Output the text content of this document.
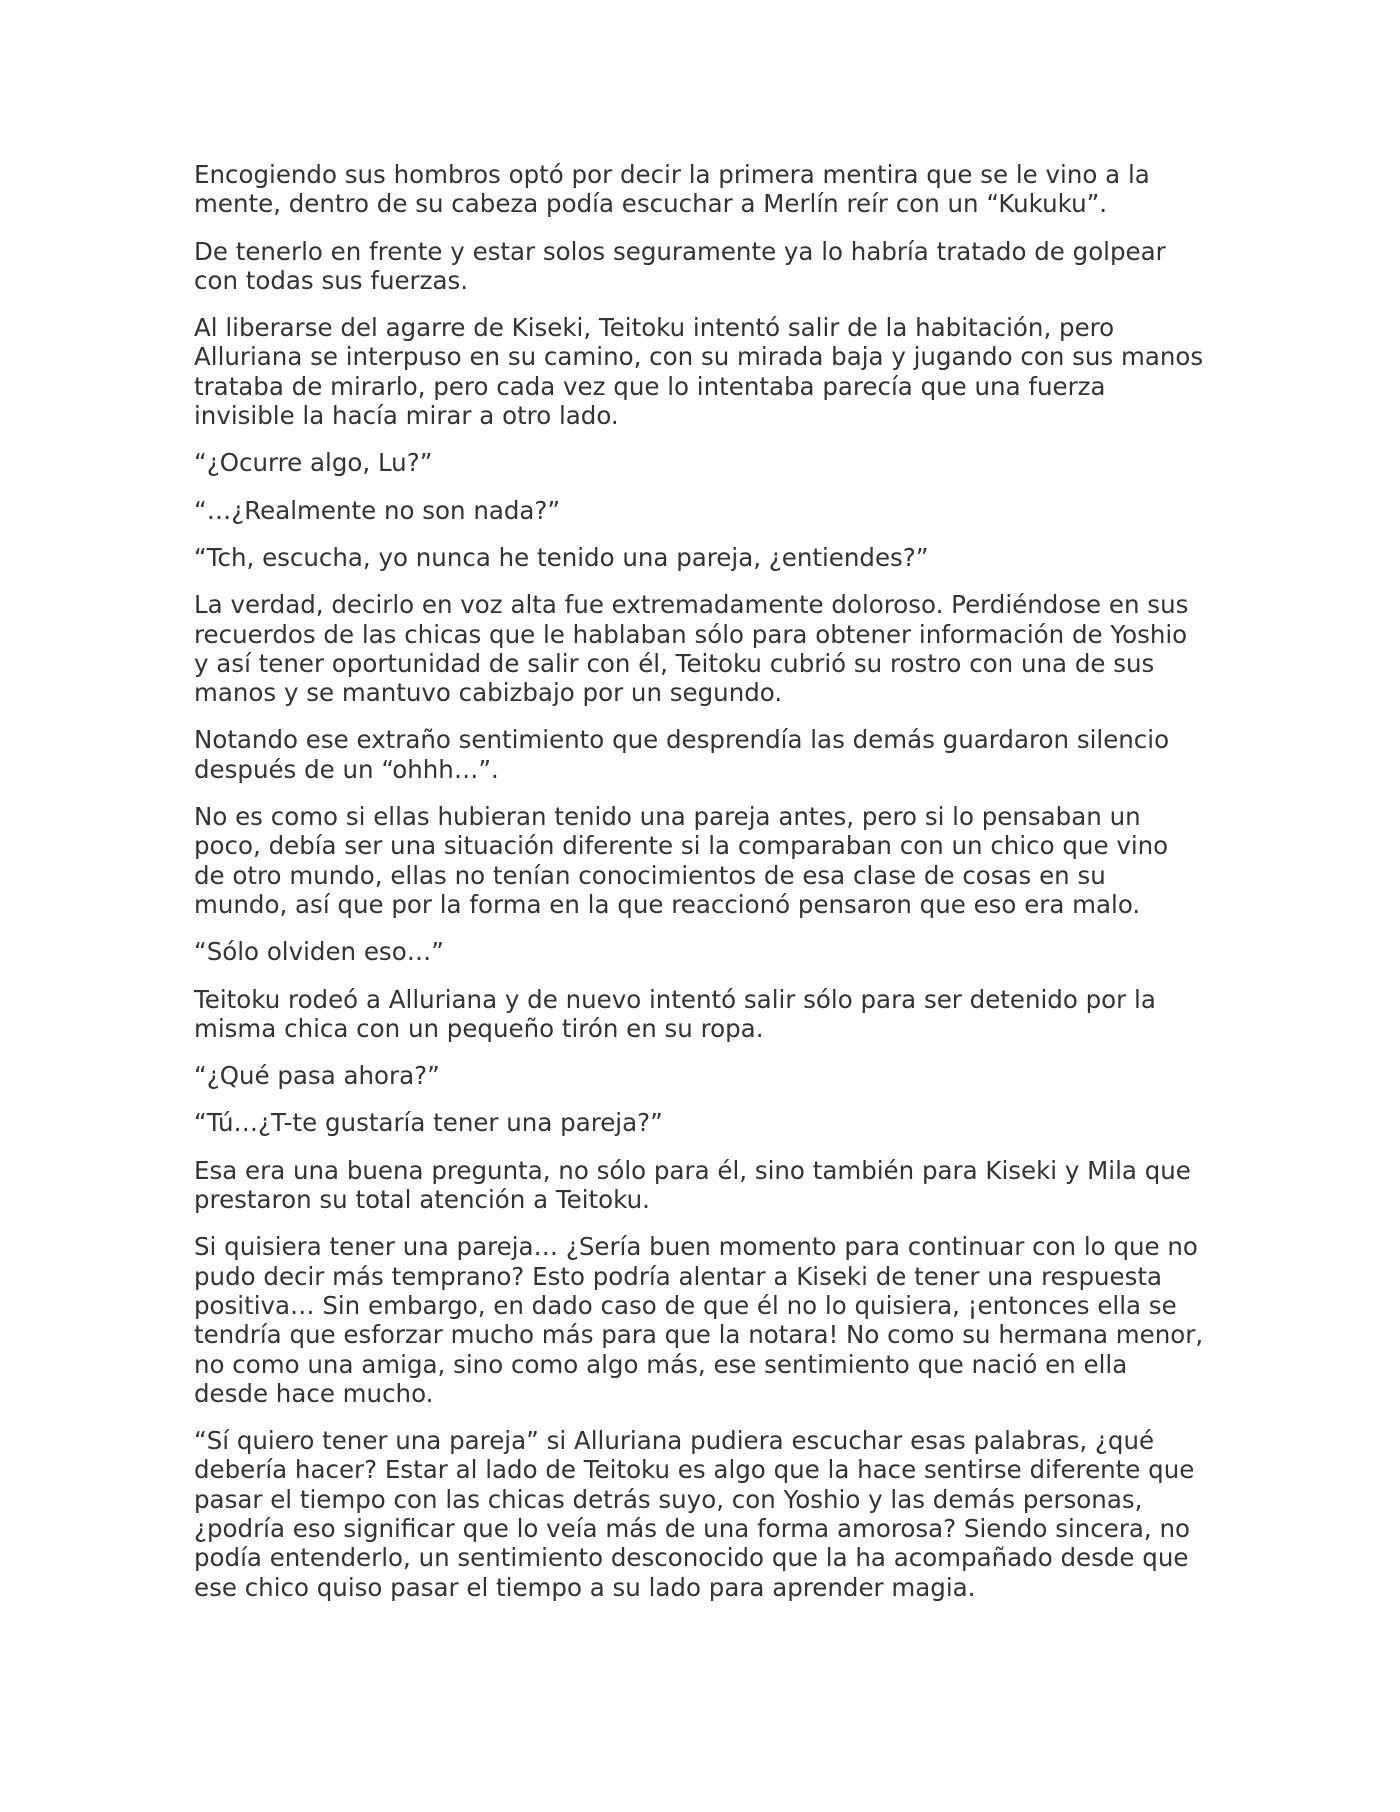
Encogiendo sus hombros optó por decir la primera mentira que se le vino a la mente, dentro de su cabeza podía escuchar a Merlín reír con un “Kukuku”.

De tenerlo en frente y estar solos seguramente ya lo habría tratado de golpear con todas sus fuerzas.

Al liberarse del agarre de Kiseki, Teitoku intentó salir de la habitación, pero Alluriana se interpuso en su camino, con su mirada baja y jugando con sus manos trataba de mirarlo, pero cada vez que lo intentaba parecía que una fuerza invisible la hacía mirar a otro lado.

“¿Ocurre algo, Lu?”

“…¿Realmente no son nada?”

“Tch, escucha, yo nunca he tenido una pareja, ¿entiendes?”

La verdad, decirlo en voz alta fue extremadamente doloroso. Perdiéndose en sus recuerdos de las chicas que le hablaban sólo para obtener información de Yoshio y así tener oportunidad de salir con él, Teitoku cubrió su rostro con una de sus manos y se mantuvo cabizbajo por un segundo.

Notando ese extraño sentimiento que desprendía las demás guardaron silencio después de un “ohhh…”.

No es como si ellas hubieran tenido una pareja antes, pero si lo pensaban un poco, debía ser una situación diferente si la comparaban con un chico que vino de otro mundo, ellas no tenían conocimientos de esa clase de cosas en su mundo, así que por la forma en la que reaccionó pensaron que eso era malo.

“Sólo olviden eso…”

Teitoku rodeó a Alluriana y de nuevo intentó salir sólo para ser detenido por la misma chica con un pequeño tirón en su ropa.

“¿Qué pasa ahora?”

“Tú…¿T-te gustaría tener una pareja?”

Esa era una buena pregunta, no sólo para él, sino también para Kiseki y Mila que prestaron su total atención a Teitoku.

Si quisiera tener una pareja… ¿Sería buen momento para continuar con lo que no pudo decir más temprano? Esto podría alentar a Kiseki de tener una respuesta positiva… Sin embargo, en dado caso de que él no lo quisiera, ¡entonces ella se tendría que esforzar mucho más para que la notara! No como su hermana menor, no como una amiga, sino como algo más, ese sentimiento que nació en ella desde hace mucho.

“Sí quiero tener una pareja” si Alluriana pudiera escuchar esas palabras, ¿qué debería hacer? Estar al lado de Teitoku es algo que la hace sentirse diferente que pasar el tiempo con las chicas detrás suyo, con Yoshio y las demás personas, ¿podría eso significar que lo veía más de una forma amorosa? Siendo sincera, no podía entenderlo, un sentimiento desconocido que la ha acompañado desde que ese chico quiso pasar el tiempo a su lado para aprender magia.
